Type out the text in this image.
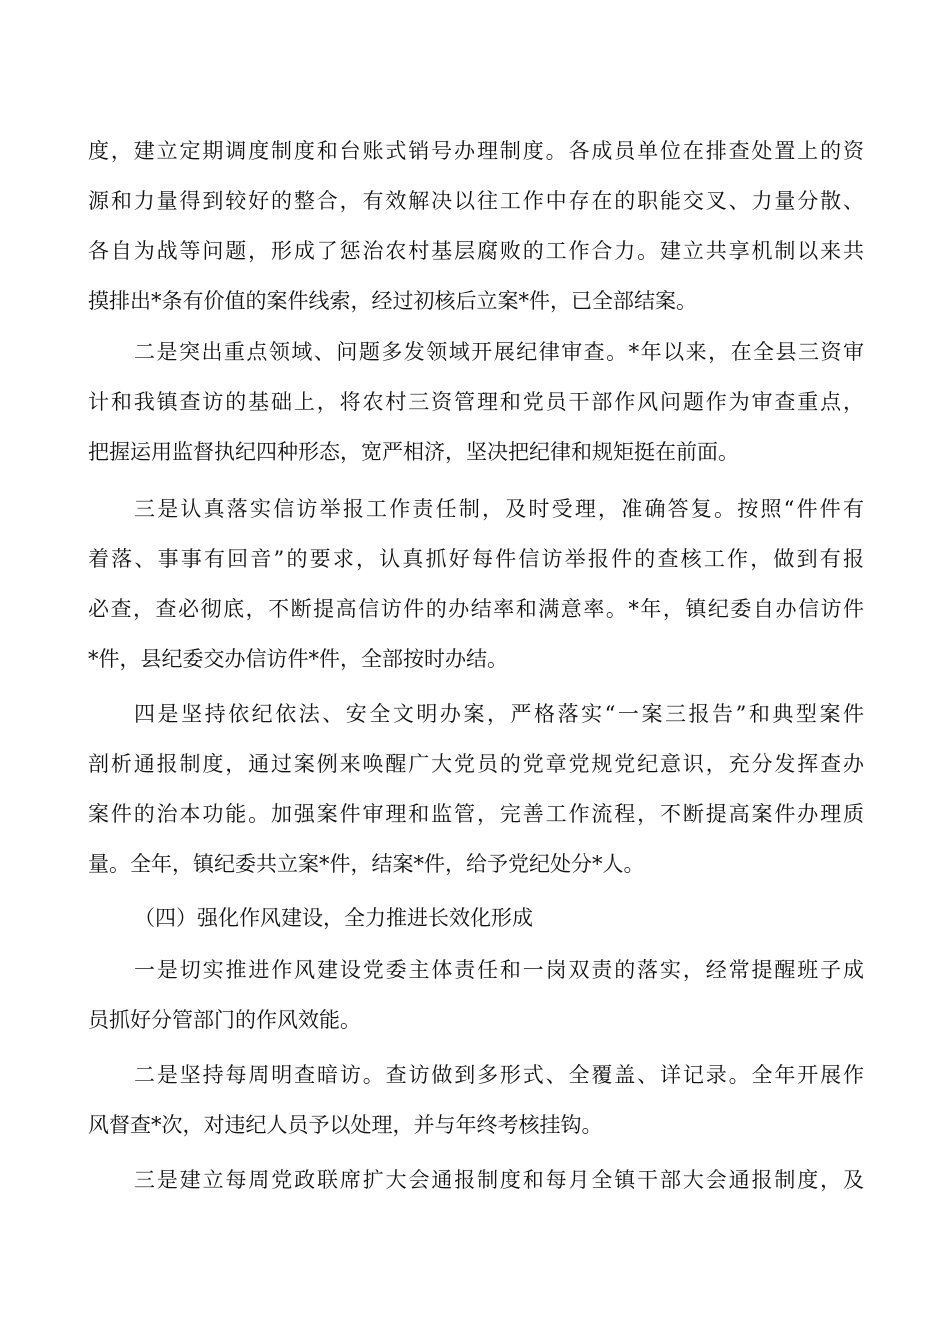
度，建立定期调度制度和台账式销号办理制度。各成员单位在排查处置上的资
源和力量得到较好的整合，有效解决以往工作中存在的职能交叉、力量分散、
各自为战等问题，形成了惩治农村基层腐败的工作合力。建立共享机制以来共
摸排出*条有价值的案件线索，经过初核后立案*件，已全部结案。
二是突出重点领域、问题多发领域开展纪律审查。*年以来，在全县三资审
计和我镇查访的基础上，将农村三资管理和党员干部作风问题作为审查重点，
把握运用监督执纪四种形态，宽严相济，坚决把纪律和规矩挺在前面。
三是认真落实信访举报工作责任制，及时受理，准确答复。按照“件件有
着落、事事有回音”的要求，认真抓好每件信访举报件的查核工作，做到有报
必查，查必彻底，不断提高信访件的办结率和满意率。*年，镇纪委自办信访件
*件，县纪委交办信访件*件，全部按时办结。
四是坚持依纪依法、安全文明办案，严格落实“一案三报告”和典型案件
剖析通报制度，通过案例来唤醒广大党员的党章党规党纪意识，充分发挥查办
案件的治本功能。加强案件审理和监管，完善工作流程，不断提高案件办理质
量。全年，镇纪委共立案*件，结案*件，给予党纪处分*人。
（四）强化作风建设，全力推进长效化形成
一是切实推进作风建设党委主体责任和一岗双责的落实，经常提醒班子成
员抓好分管部门的作风效能。
二是坚持每周明查暗访。查访做到多形式、全覆盖、详记录。全年开展作
风督查*次，对违纪人员予以处理，并与年终考核挂钩。
三是建立每周党政联席扩大会通报制度和每月全镇干部大会通报制度，及
